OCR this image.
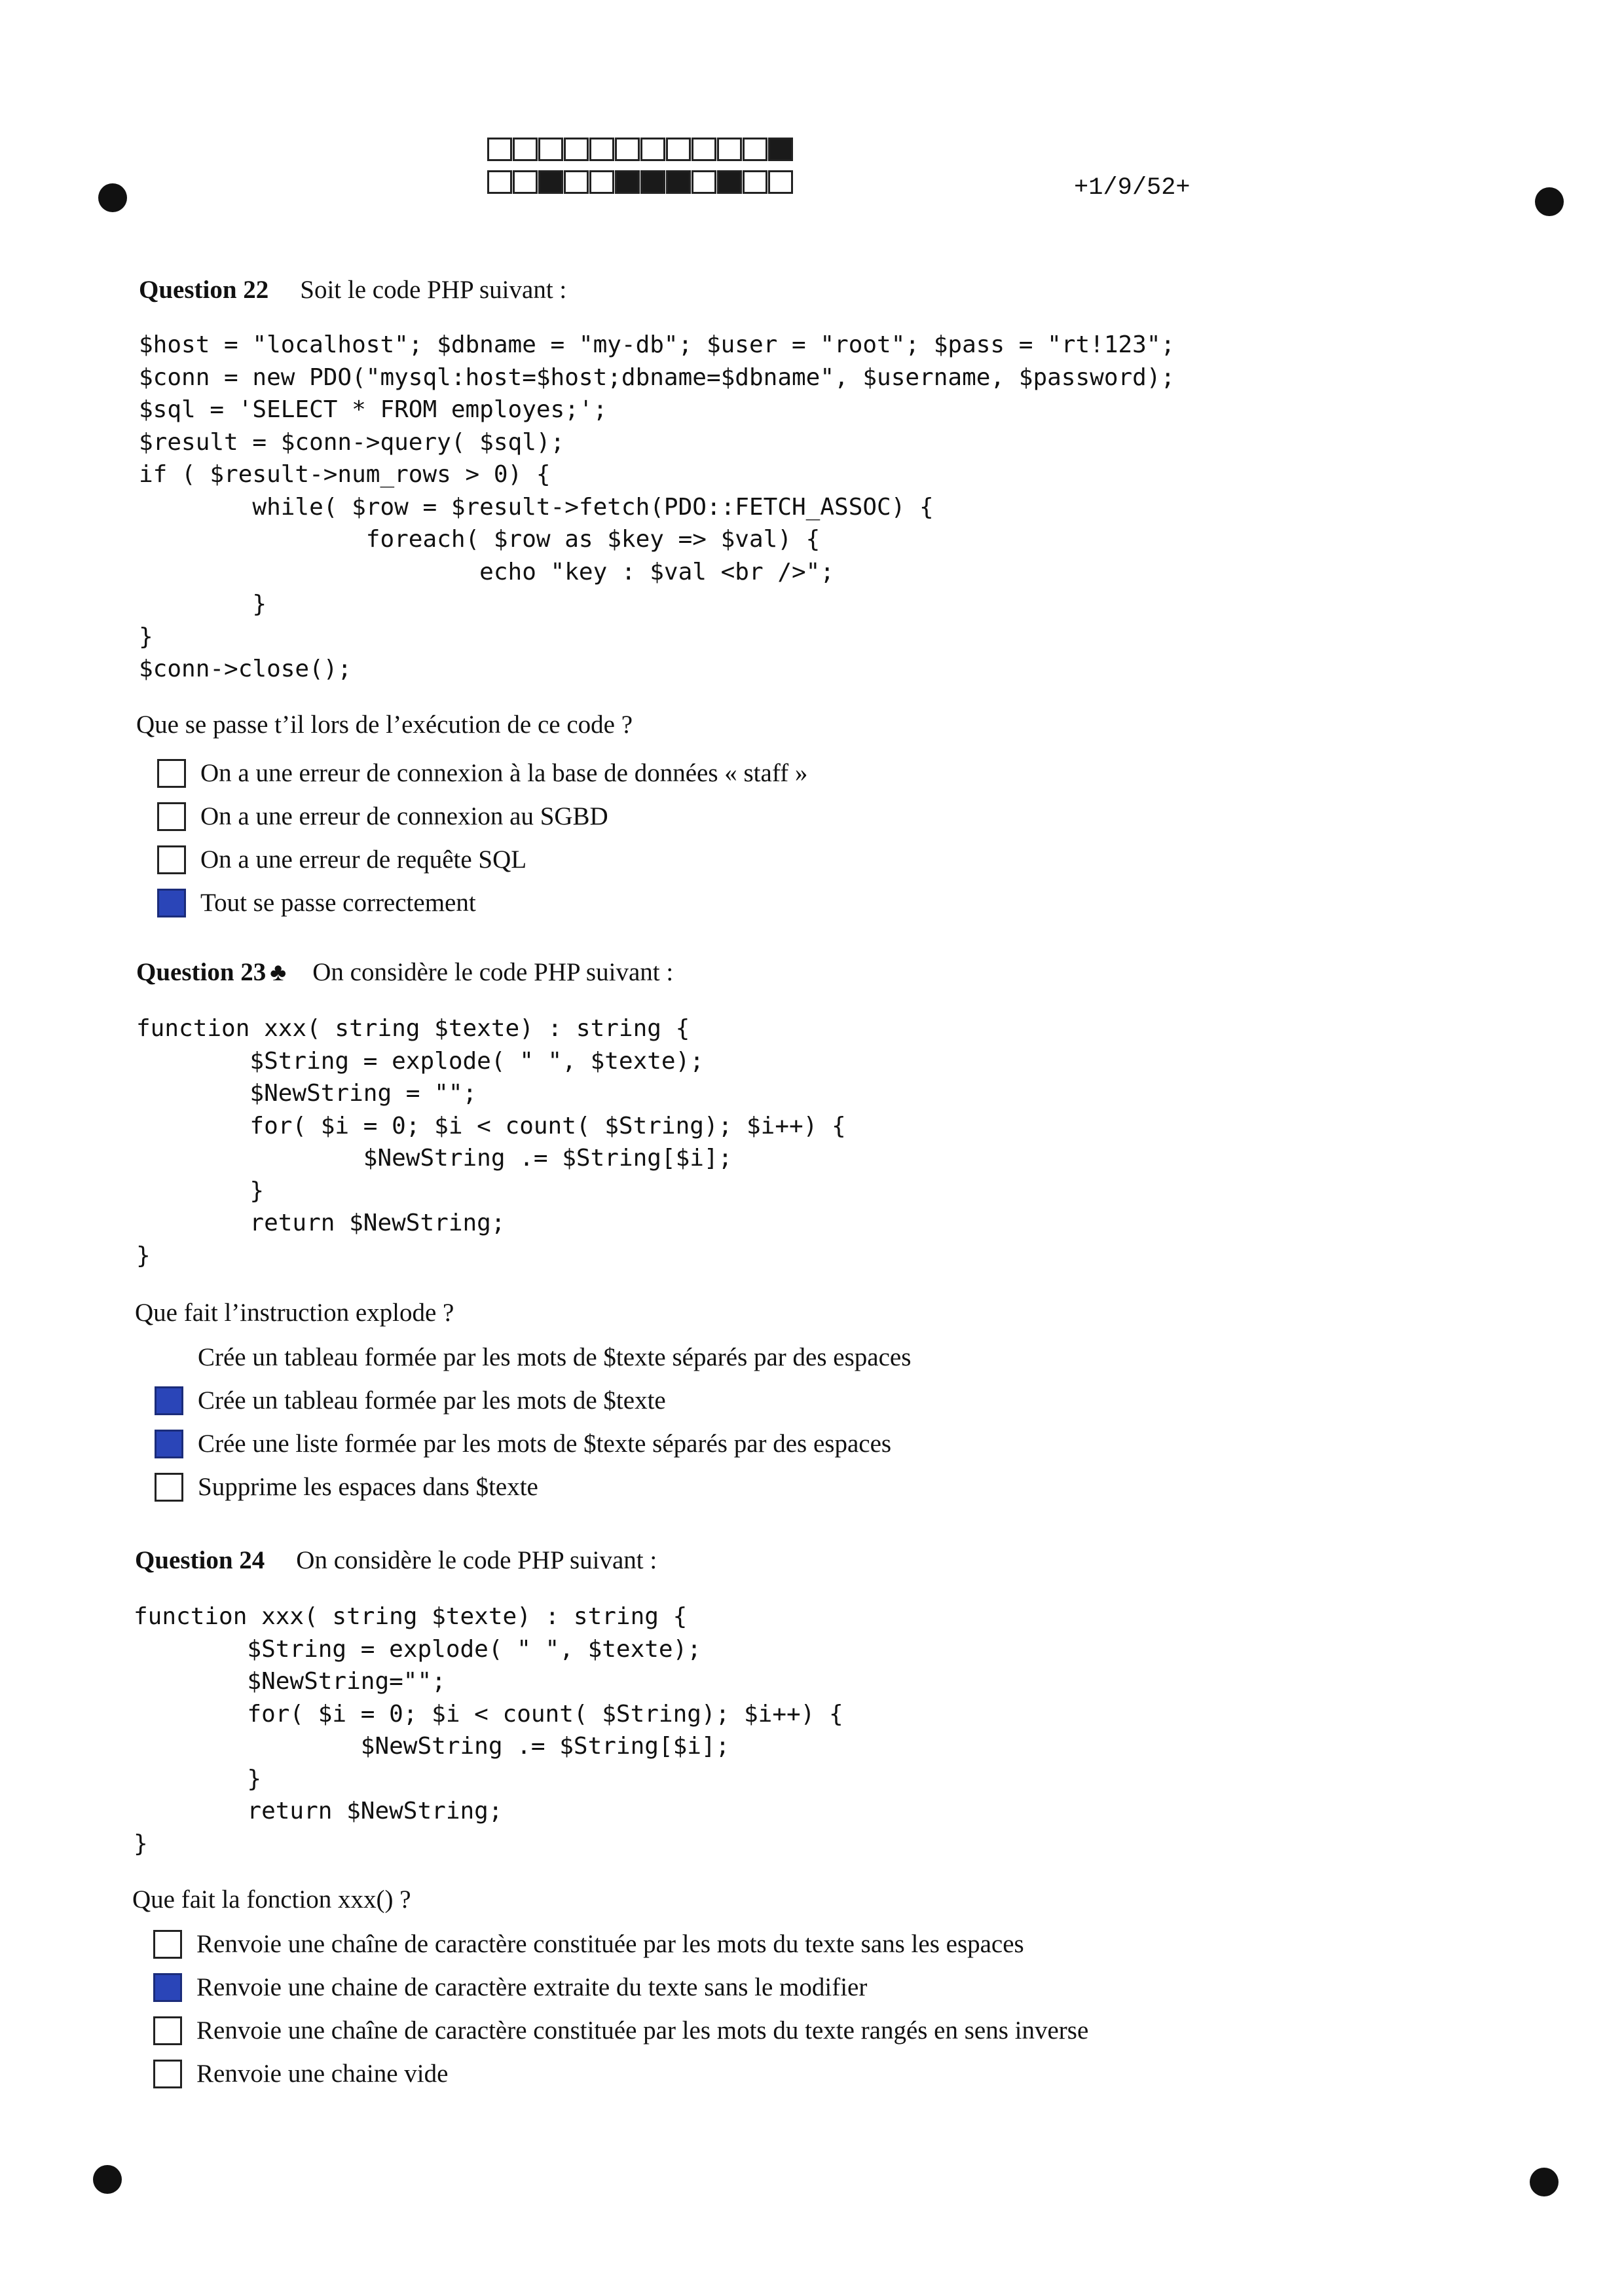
+1/9/52+
Question 22 Soit le code PHP suivant :
$host = "localhost"; $dbname = "my-db"; $user = "root"; $pass = "rt!123";
$conn = new PDO("mysql:host=$host;dbname=$dbname", $username, $password);
$sql = 'SELECT * FROM employes;';
$result = $conn->query( $sql);
if ( $result->num_rows > 0) {
while( $row = $result->fetch(PDO::FETCH_ASSOC) {
foreach( $row as $key => $val) {
echo "key : $val <br />";
}
}
$conn->close();
Que se passe t’il lors de l’exécution de ce code ?
On a une erreur de connexion à la base de données « staff »
On a une erreur de connexion au SGBD
On a une erreur de requête SQL
Tout se passe correctement
Question 23 ♣ On considère le code PHP suivant :
function xxx( string $texte) : string {
$String = explode( " ", $texte);
$NewString = "";
for( $i = 0; $i < count( $String); $i++) {
$NewString .= $String[$i];
}
return $NewString;
}
Que fait l’instruction explode ?
Crée un tableau formée par les mots de $texte séparés par des espaces
Crée un tableau formée par les mots de $texte
Crée une liste formée par les mots de $texte séparés par des espaces
Supprime les espaces dans $texte
Question 24 On considère le code PHP suivant :
function xxx( string $texte) : string {
$String = explode( " ", $texte);
$NewString="";
for( $i = 0; $i < count( $String); $i++) {
$NewString .= $String[$i];
}
return $NewString;
}
Que fait la fonction xxx() ?
Renvoie une chaîne de caractère constituée par les mots du texte sans les espaces
Renvoie une chaine de caractère extraite du texte sans le modifier
Renvoie une chaîne de caractère constituée par les mots du texte rangés en sens inverse
Renvoie une chaine vide
